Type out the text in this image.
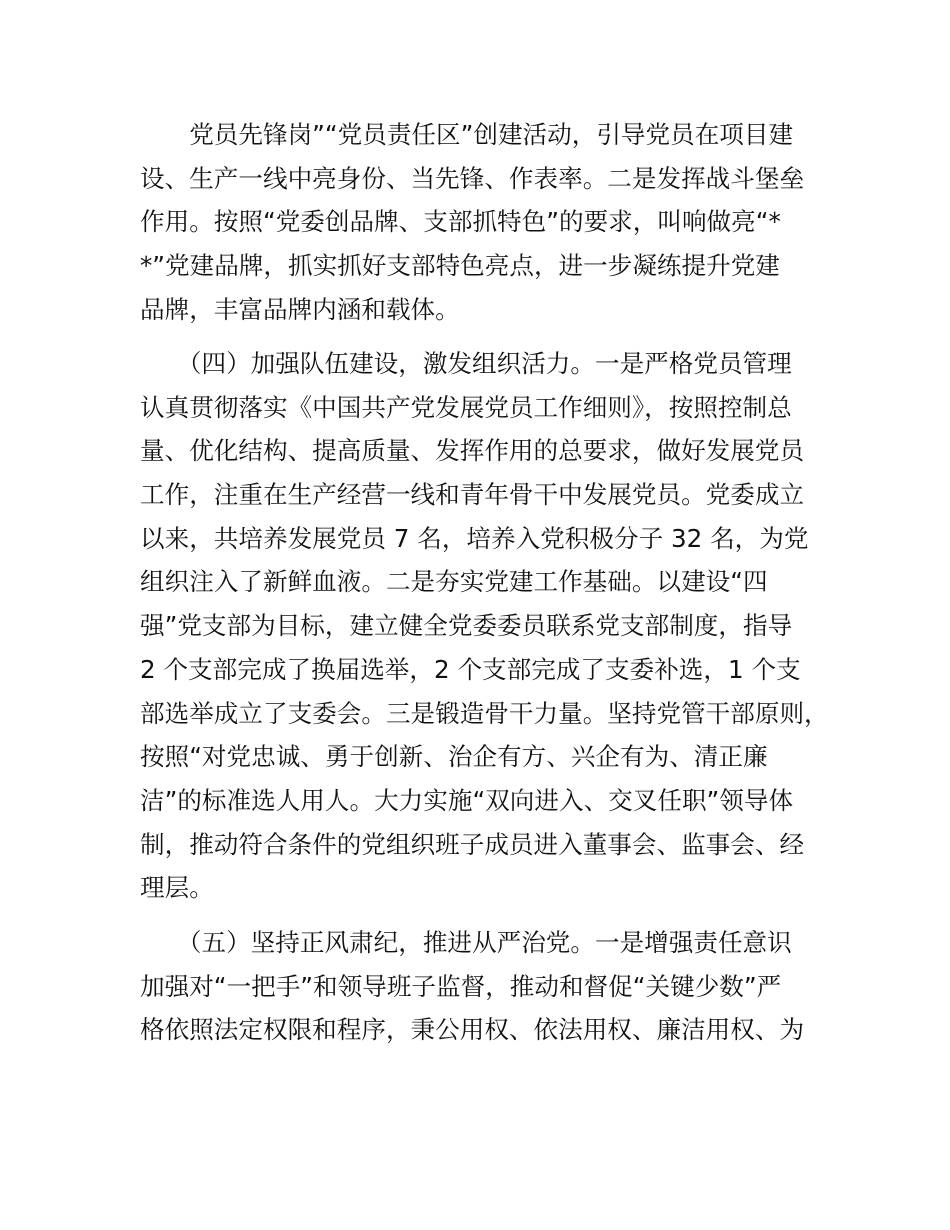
　　党员先锋岗”“党员责任区”创建活动，引导党员在项目建
设、生产一线中亮身份、当先锋、作表率。二是发挥战斗堡垒
作用。按照“党委创品牌、支部抓特色”的要求，叫响做亮“*
*”党建品牌，抓实抓好支部特色亮点，进一步凝练提升党建
品牌，丰富品牌内涵和载体。
　　（四）加强队伍建设，激发组织活力。一是严格党员管理
认真贯彻落实《中国共产党发展党员工作细则》，按照控制总
量、优化结构、提高质量、发挥作用的总要求，做好发展党员
工作，注重在生产经营一线和青年骨干中发展党员。党委成立
以来，共培养发展党员 7 名，培养入党积极分子 32 名，为党
组织注入了新鲜血液。二是夯实党建工作基础。以建设“四
强”党支部为目标，建立健全党委委员联系党支部制度，指导
2 个支部完成了换届选举，2 个支部完成了支委补选，1 个支
部选举成立了支委会。三是锻造骨干力量。坚持党管干部原则，
按照“对党忠诚、勇于创新、治企有方、兴企有为、清正廉
洁”的标准选人用人。大力实施“双向进入、交叉任职”领导体
制，推动符合条件的党组织班子成员进入董事会、监事会、经
理层。
　　（五）坚持正风肃纪，推进从严治党。一是增强责任意识
加强对“一把手”和领导班子监督，推动和督促“关键少数”严
格依照法定权限和程序，秉公用权、依法用权、廉洁用权、为
